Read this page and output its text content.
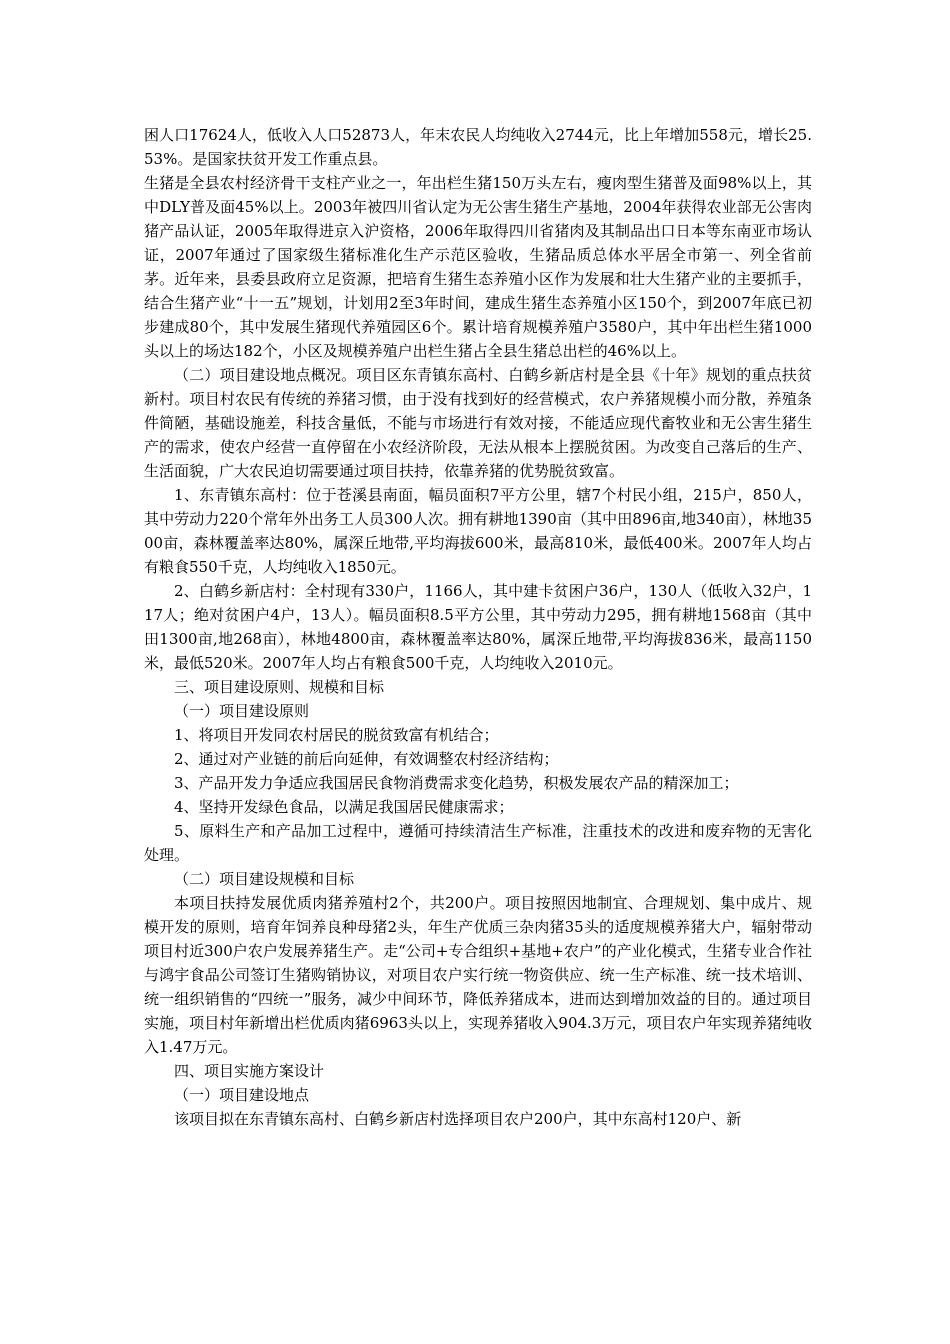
困人口17624人，低收入人口52873人，年末农民人均纯收入2744元，比上年增加558元，增长25.53%。是国家扶贫开发工作重点县。

生猪是全县农村经济骨干支柱产业之一，年出栏生猪150万头左右，瘦肉型生猪普及面98%以上，其中DLY普及面45%以上。2003年被四川省认定为无公害生猪生产基地，2004年获得农业部无公害肉猪产品认证，2005年取得进京入沪资格，2006年取得四川省猪肉及其制品出口日本等东南亚市场认证，2007年通过了国家级生猪标准化生产示范区验收，生猪品质总体水平居全市第一、列全省前茅。近年来，县委县政府立足资源，把培育生猪生态养殖小区作为发展和壮大生猪产业的主要抓手，结合生猪产业“十一五”规划，计划用2至3年时间，建成生猪生态养殖小区150个，到2007年底已初步建成80个，其中发展生猪现代养殖园区6个。累计培育规模养殖户3580户，其中年出栏生猪1000头以上的场达182个，小区及规模养殖户出栏生猪占全县生猪总出栏的46%以上。

（二）项目建设地点概况。项目区东青镇东高村、白鹤乡新店村是全县《十年》规划的重点扶贫新村。项目村农民有传统的养猪习惯，由于没有找到好的经营模式，农户养猪规模小而分散，养殖条件简陋，基础设施差，科技含量低，不能与市场进行有效对接，不能适应现代畜牧业和无公害生猪生产的需求，使农户经营一直停留在小农经济阶段，无法从根本上摆脱贫困。为改变自己落后的生产、生活面貌，广大农民迫切需要通过项目扶持，依靠养猪的优势脱贫致富。

1、东青镇东高村：位于苍溪县南面，幅员面积7平方公里，辖7个村民小组，215户，850人，其中劳动力220个常年外出务工人员300人次。拥有耕地1390亩（其中田896亩,地340亩），林地3500亩，森林覆盖率达80%，属深丘地带,平均海拔600米，最高810米，最低400米。2007年人均占有粮食550千克，人均纯收入1850元。

2、白鹤乡新店村：全村现有330户，1166人，其中建卡贫困户36户，130人（低收入32户，117人；绝对贫困户4户，13人）。幅员面积8.5平方公里，其中劳动力295，拥有耕地1568亩（其中田1300亩,地268亩），林地4800亩，森林覆盖率达80%，属深丘地带,平均海拔836米，最高1150米，最低520米。2007年人均占有粮食500千克，人均纯收入2010元。

三、项目建设原则、规模和目标

（一）项目建设原则

1、将项目开发同农村居民的脱贫致富有机结合；

2、通过对产业链的前后向延伸，有效调整农村经济结构；

3、产品开发力争适应我国居民食物消费需求变化趋势，积极发展农产品的精深加工；

4、坚持开发绿色食品，以满足我国居民健康需求；

5、原料生产和产品加工过程中，遵循可持续清洁生产标准，注重技术的改进和废弃物的无害化处理。

（二）项目建设规模和目标

本项目扶持发展优质肉猪养殖村2个，共200户。项目按照因地制宜、合理规划、集中成片、规模开发的原则，培育年饲养良种母猪2头，年生产优质三杂肉猪35头的适度规模养猪大户，辐射带动项目村近300户农户发展养猪生产。走“公司+专合组织+基地+农户”的产业化模式，生猪专业合作社与鸿宇食品公司签订生猪购销协议，对项目农户实行统一物资供应、统一生产标准、统一技术培训、统一组织销售的“四统一”服务，减少中间环节，降低养猪成本，进而达到增加效益的目的。通过项目实施，项目村年新增出栏优质肉猪6963头以上，实现养猪收入904.3万元，项目农户年实现养猪纯收入1.47万元。

四、项目实施方案设计

（一）项目建设地点

该项目拟在东青镇东高村、白鹤乡新店村选择项目农户200户，其中东高村120户、新
